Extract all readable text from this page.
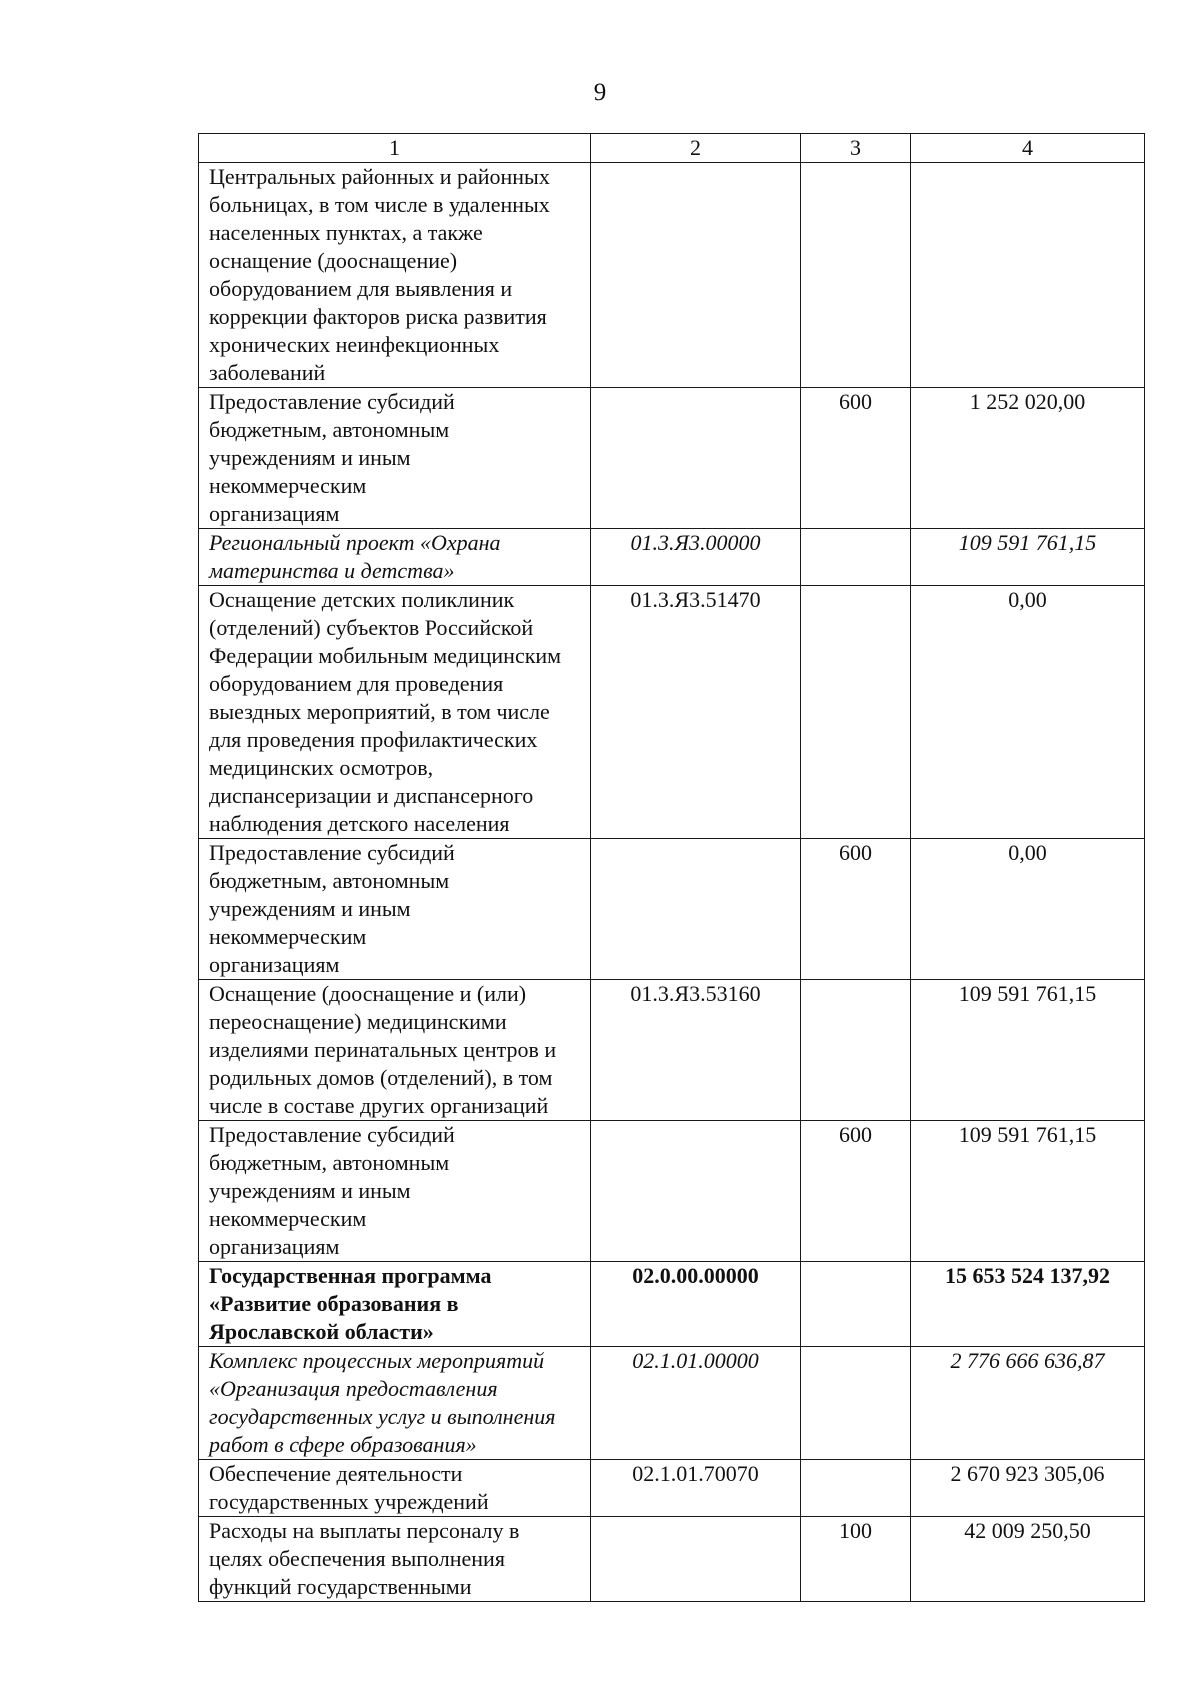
9
1	2	3	4

Центральных районных и районных больницах, в том числе в удаленных населенных пунктах, а также оснащение (дооснащение) оборудованием для выявления и коррекции факторов риска развития хронических неинфекционных заболеваний			

Предоставление субсидий бюджетным, автономным учреждениям и иным некоммерческим организациям		600	1 252 020,00

Региональный проект «Охрана материнства и детства»	01.3.Я3.00000		109 591 761,15

Оснащение детских поликлиник (отделений) субъектов Российской Федерации мобильным медицинским оборудованием для проведения выездных мероприятий, в том числе для проведения профилактических медицинских осмотров, диспансеризации и диспансерного наблюдения детского населения	01.3.Я3.51470		0,00

Предоставление субсидий бюджетным, автономным учреждениям и иным некоммерческим организациям		600	0,00

Оснащение (дооснащение и (или) переоснащение) медицинскими изделиями перинатальных центров и родильных домов (отделений), в том числе в составе других организаций	01.3.Я3.53160		109 591 761,15

Предоставление субсидий бюджетным, автономным учреждениям и иным некоммерческим организациям		600	109 591 761,15

Государственная программа «Развитие образования в Ярославской области»	02.0.00.00000		15 653 524 137,92

Комплекс процессных мероприятий «Организация предоставления государственных услуг и выполнения работ в сфере образования»	02.1.01.00000		2 776 666 636,87

Обеспечение деятельности государственных учреждений	02.1.01.70070		2 670 923 305,06

Расходы на выплаты персоналу в целях обеспечения выполнения функций государственными		100	42 009 250,50
